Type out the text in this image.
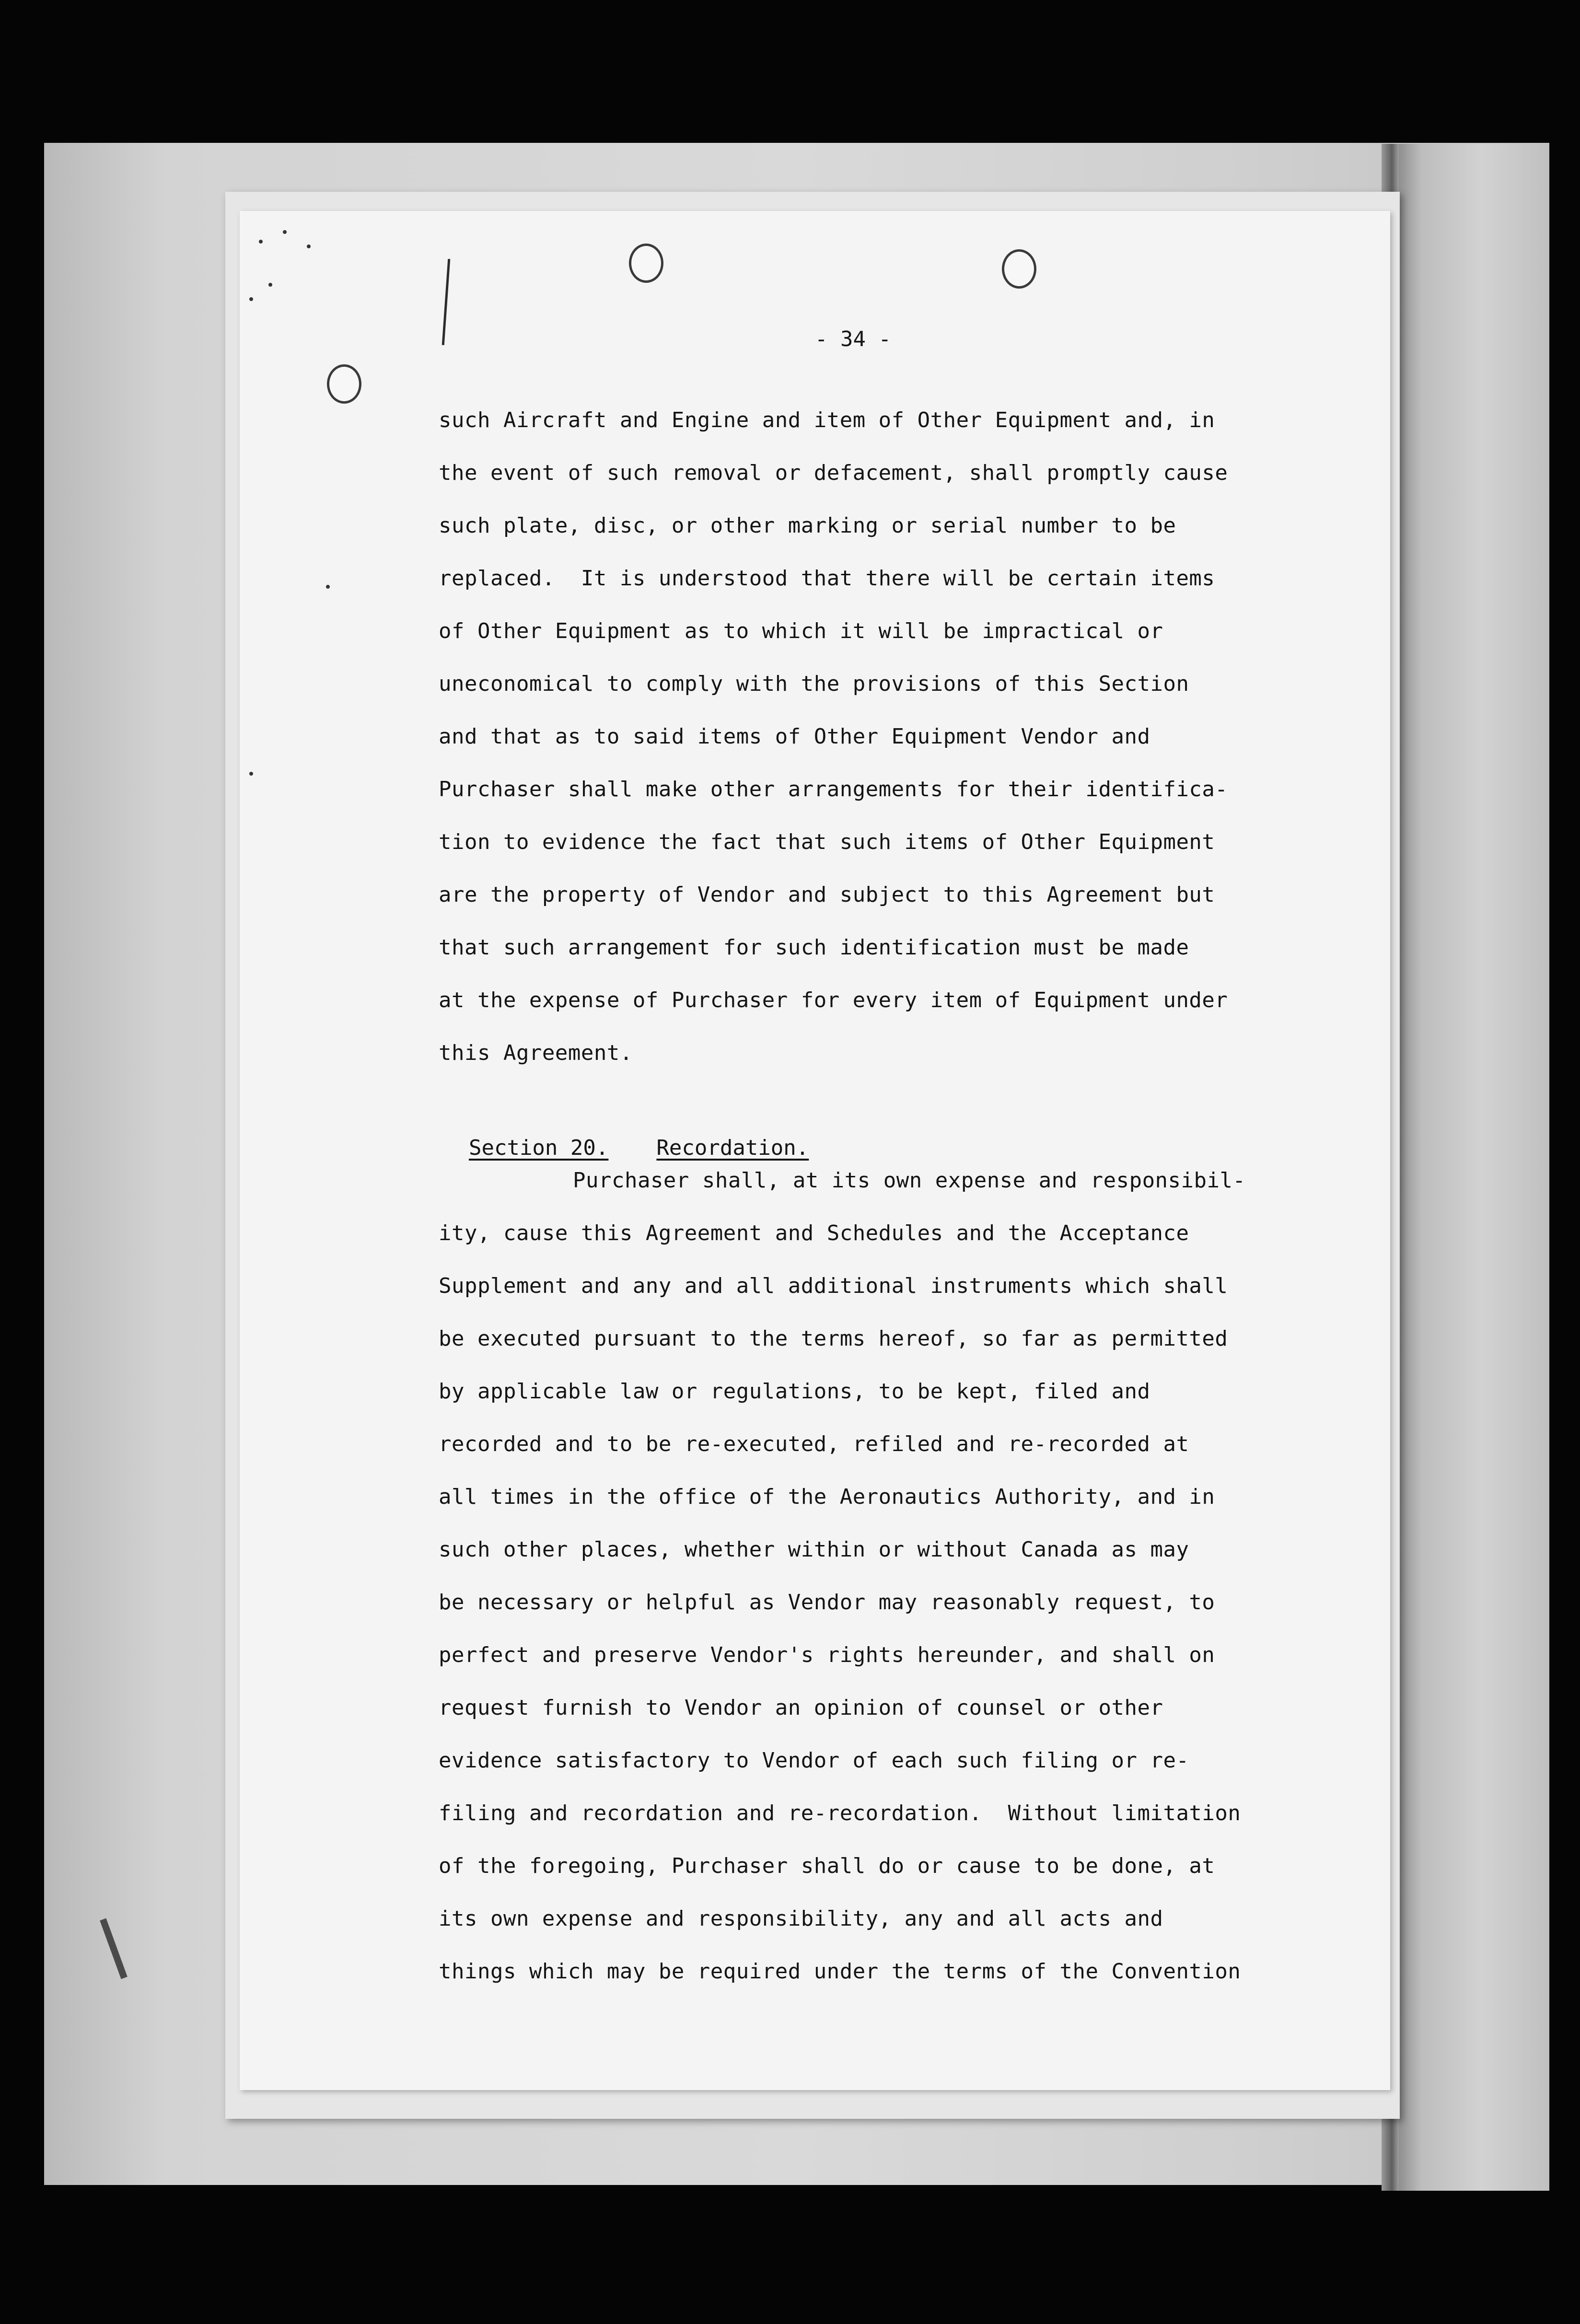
- 34 -
such Aircraft and Engine and item of Other Equipment and, in
the event of such removal or defacement, shall promptly cause
such plate, disc, or other marking or serial number to be
replaced.  It is understood that there will be certain items
of Other Equipment as to which it will be impractical or
uneconomical to comply with the provisions of this Section
and that as to said items of Other Equipment Vendor and
Purchaser shall make other arrangements for their identifica-
tion to evidence the fact that such items of Other Equipment
are the property of Vendor and subject to this Agreement but
that such arrangement for such identification must be made
at the expense of Purchaser for every item of Equipment under
this Agreement.

Section 20. Recordation.

Purchaser shall, at its own expense and responsibil-
ity, cause this Agreement and Schedules and the Acceptance
Supplement and any and all additional instruments which shall
be executed pursuant to the terms hereof, so far as permitted
by applicable law or regulations, to be kept, filed and
recorded and to be re-executed, refiled and re-recorded at
all times in the office of the Aeronautics Authority, and in
such other places, whether within or without Canada as may
be necessary or helpful as Vendor may reasonably request, to
perfect and preserve Vendor's rights hereunder, and shall on
request furnish to Vendor an opinion of counsel or other
evidence satisfactory to Vendor of each such filing or re-
filing and recordation and re-recordation.  Without limitation
of the foregoing, Purchaser shall do or cause to be done, at
its own expense and responsibility, any and all acts and
things which may be required under the terms of the Convention
